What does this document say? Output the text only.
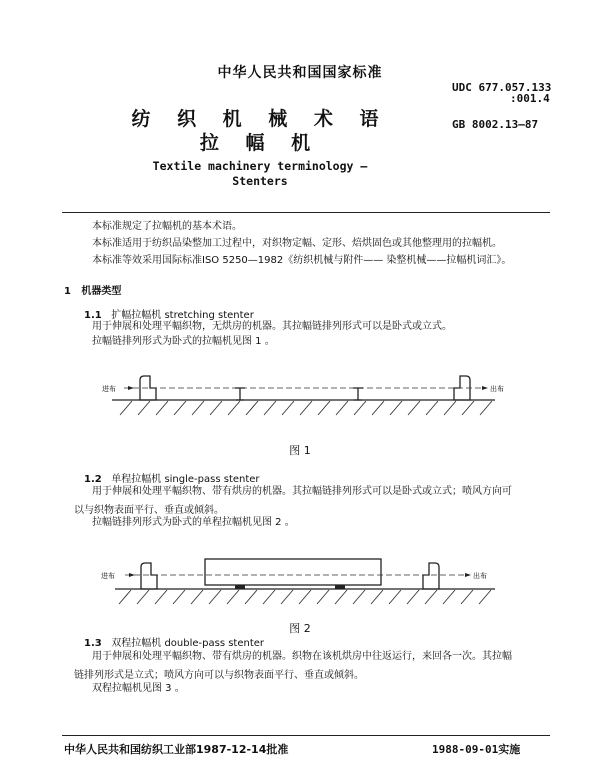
中华人民共和国国家标准
纺 织 机 械 术 语
拉 幅 机
UDC 677.057.133
:001.4
GB 8002.13—87
Textile machinery terminology —
Stenters
本标准规定了拉幅机的基本术语。
本标准适用于纺织品染整加工过程中，对织物定幅、定形、焙烘固色或其他整理用的拉幅机。
本标准等效采用国际标准ISO 5250—1982《纺织机械与附件—— 染整机械——拉幅机词汇》。
1 机器类型
1.1 扩幅拉幅机 stretching stenter
用于伸展和处理平幅织物，无烘房的机器。其拉幅链排列形式可以是卧式或立式。
拉幅链排列形式为卧式的拉幅机见图 1 。
进布	出布
图 1
1.2 单程拉幅机 single-pass stenter
用于伸展和处理平幅织物、带有烘房的机器。其拉幅链排列形式可以是卧式或立式；喷风方向可
以与织物表面平行、垂直或倾斜。
拉幅链排列形式为卧式的单程拉幅机见图 2 。
进布	出布
图 2
1.3 双程拉幅机 double-pass stenter
用于伸展和处理平幅织物、带有烘房的机器。织物在该机烘房中往返运行，来回各一次。其拉幅
链排列形式是立式；喷风方向可以与织物表面平行、垂直或倾斜。
双程拉幅机见图 3 。
中华人民共和国纺织工业部1987-12-14批准	1988-09-01实施
